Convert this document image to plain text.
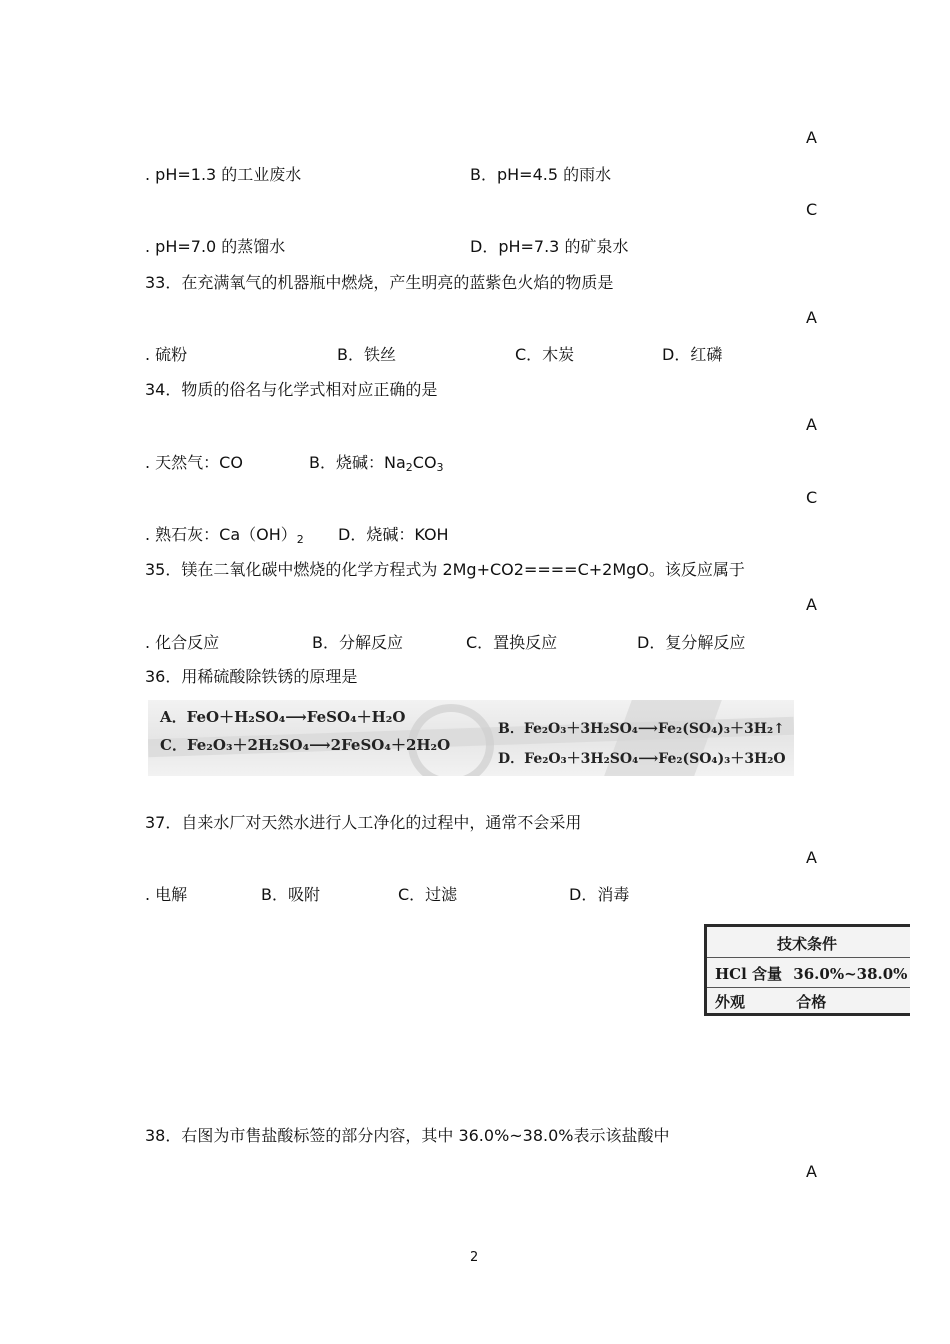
A
. pH=1.3 的工业废水	B．pH=4.5 的雨水
C
. pH=7.0 的蒸馏水	D．pH=7.3 的矿泉水
33．在充满氧气的机器瓶中燃烧，产生明亮的蓝紫色火焰的物质是
A
. 硫粉	B．铁丝	C．木炭	D．红磷
34．物质的俗名与化学式相对应正确的是
A
. 天然气：CO	B．烧碱：$Na_2CO_3$
C
. 熟石灰：$Ca(OH)_2$ D．烧碱：KOH
35．镁在二氧化碳中燃烧的化学方程式为 2Mg+CO2====C+2MgO。该反应属于
A
. 化合反应	B．分解反应	C．置换反应	D．复分解反应
36．用稀硫酸除铁锈的原理是
A．FeO＋H₂SO₄⟶FeSO₄＋H₂O
C．Fe₂O₃＋2H₂SO₄⟶2FeSO₄＋2H₂O
B．Fe₂O₃＋3H₂SO₄⟶Fe₂(SO₄)₃＋3H₂↑
D．Fe₂O₃＋3H₂SO₄⟶Fe₂(SO₄)₃＋3H₂O
37．自来水厂对天然水进行人工净化的过程中，通常不会采用
A
. 电解	B．吸附	C．过滤	D．消毒
技术条件
HCl 含量 36.0%~38.0%
外观	合格
38．右图为市售盐酸标签的部分内容，其中 36.0%~38.0%表示该盐酸中
A
2
